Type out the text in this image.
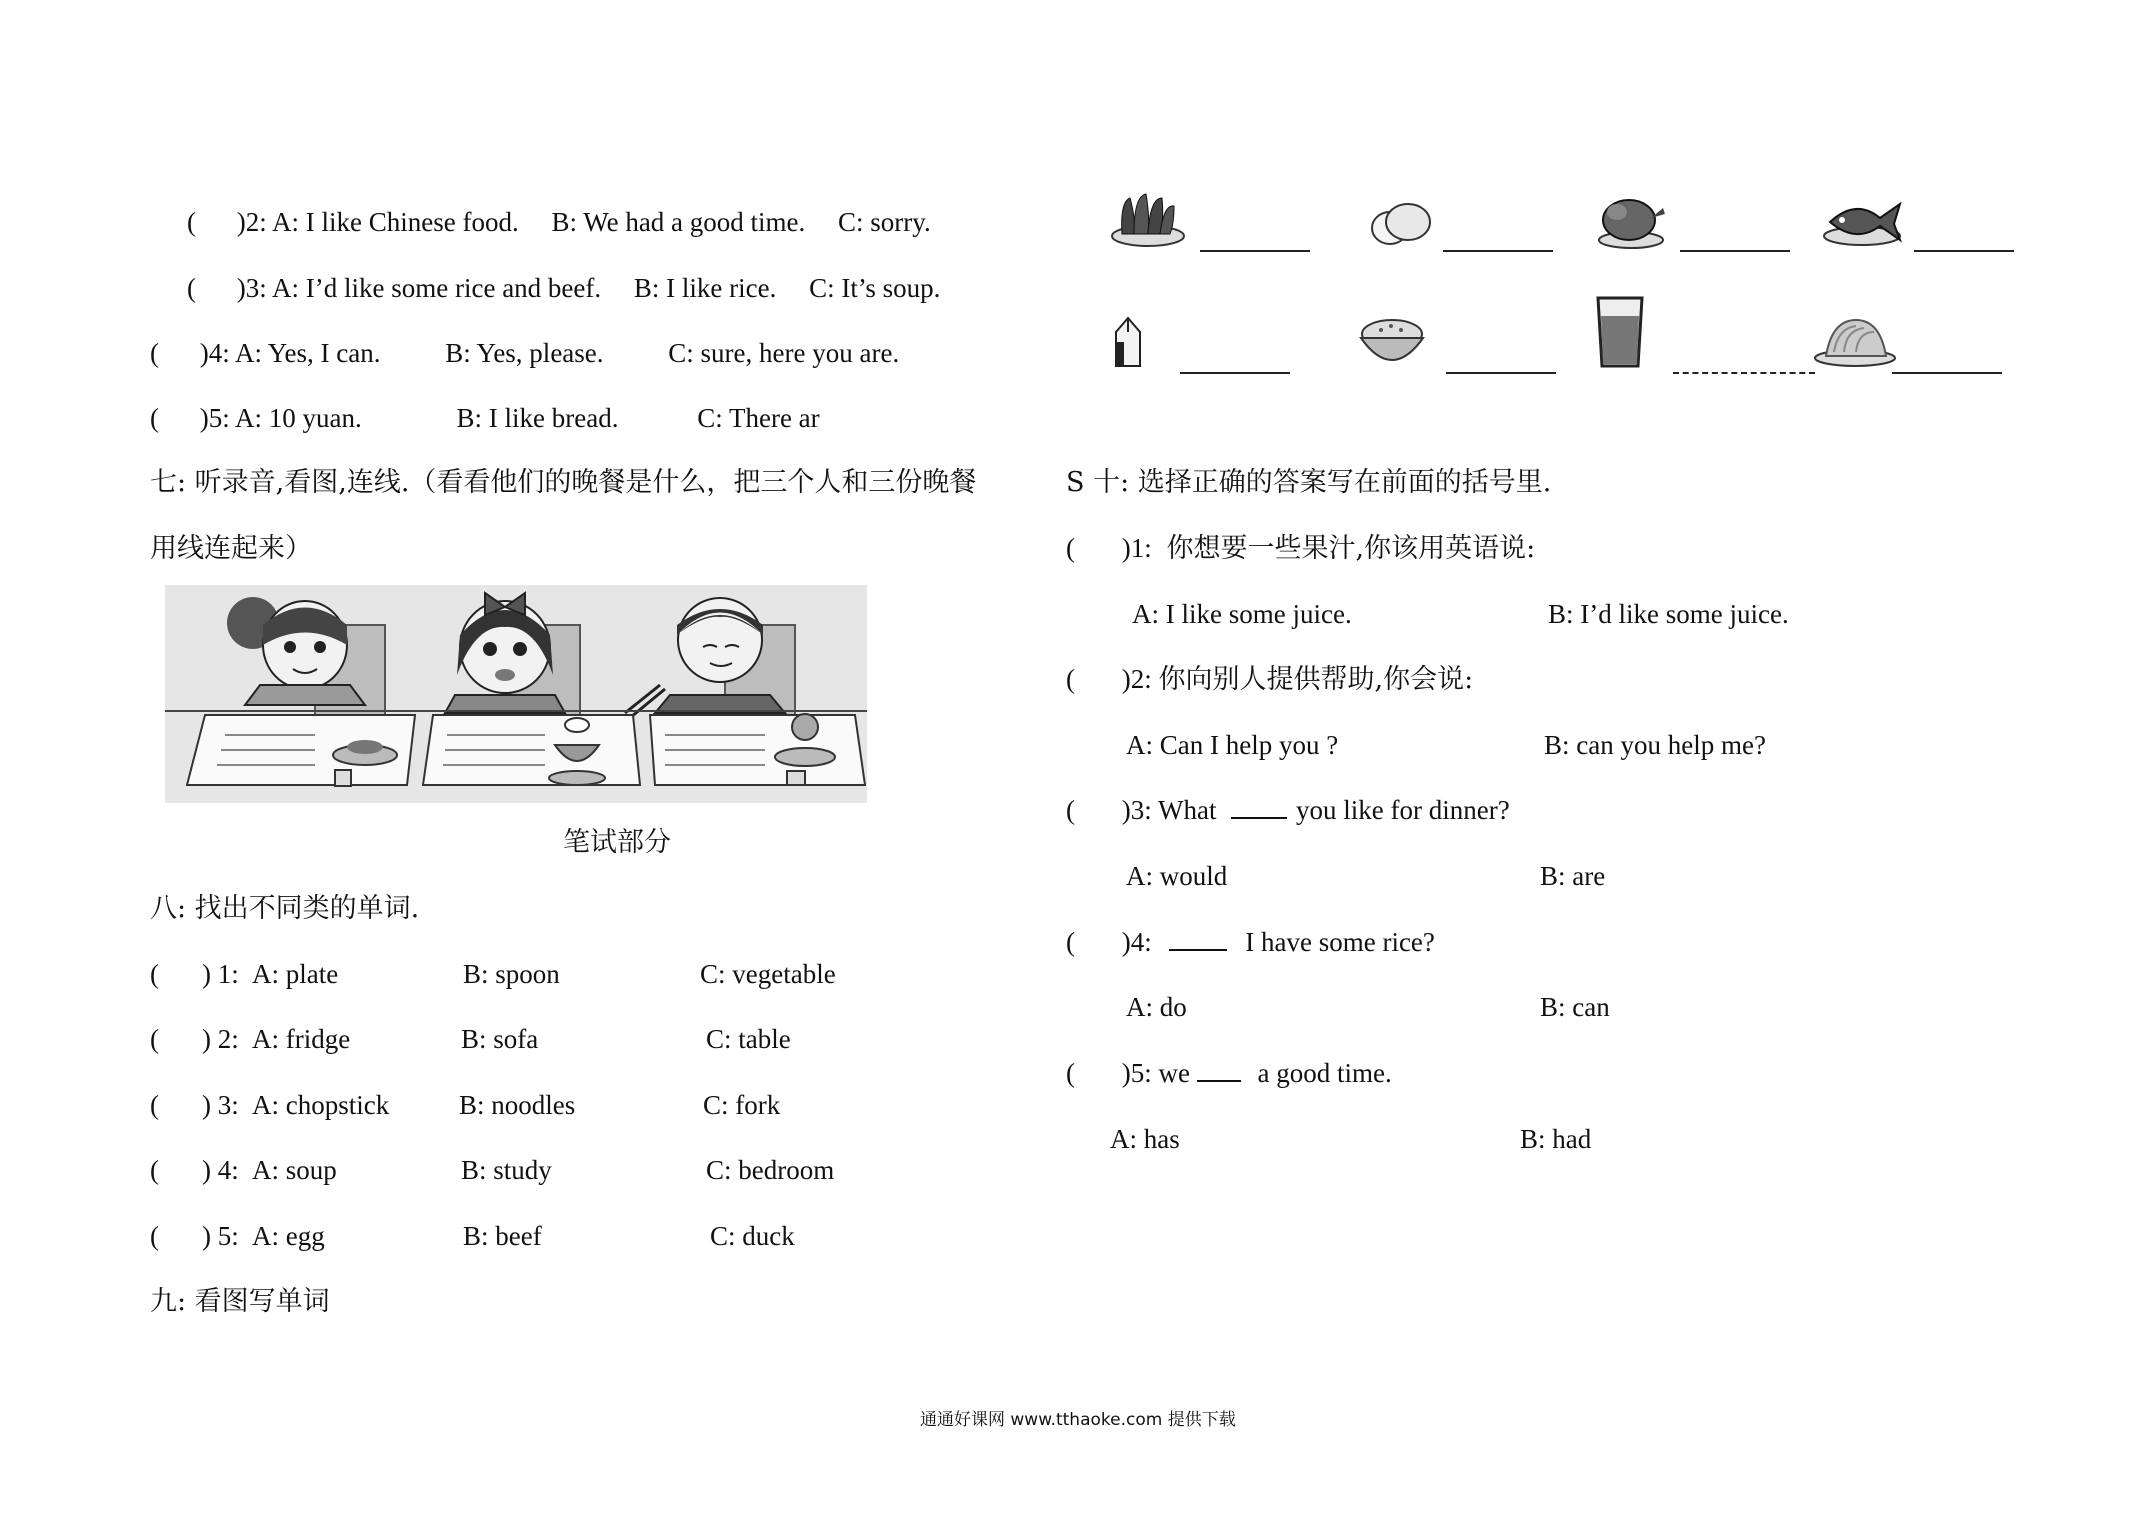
( )2: A: I like Chinese food. B: We had a good time. C: sorry.
( )3: A: I’d like some rice and beef. B: I like rice. C: It’s soup.
( )4: A: Yes, I can. B: Yes, please. C: sure, here you are.
( )5: A: 10 yuan.	B: I like bread.	C: There ar
七: 听录音,看图,连线.（看看他们的晚餐是什么，把三个人和三份晚餐
用线连起来）
笔试部分
八: 找出不同类的单词.
( ) 1: A: plate	B: spoon	C: vegetable
( ) 2: A: fridge	B: sofa	C: table
( ) 3: A: chopstick	B: noodles	C: fork
( ) 4: A: soup	B: study	C: bedroom
( ) 5: A: egg	B: beef	C: duck
九: 看图写单词
S 十: 选择正确的答案写在前面的括号里.
( )1: 你想要一些果汁,你该用英语说:
A: I like some juice.	B: I’d like some juice.
( )2: 你向别人提供帮助,你会说:
A: Can I help you ?	B: can you help me?
( )3: What	you like for dinner?
A: would	B: are
( )4:	I have some rice?
A: do	B: can
( )5: we	a good time.
A: has	B: had
通通好课网 www.tthaoke.com 提供下载
